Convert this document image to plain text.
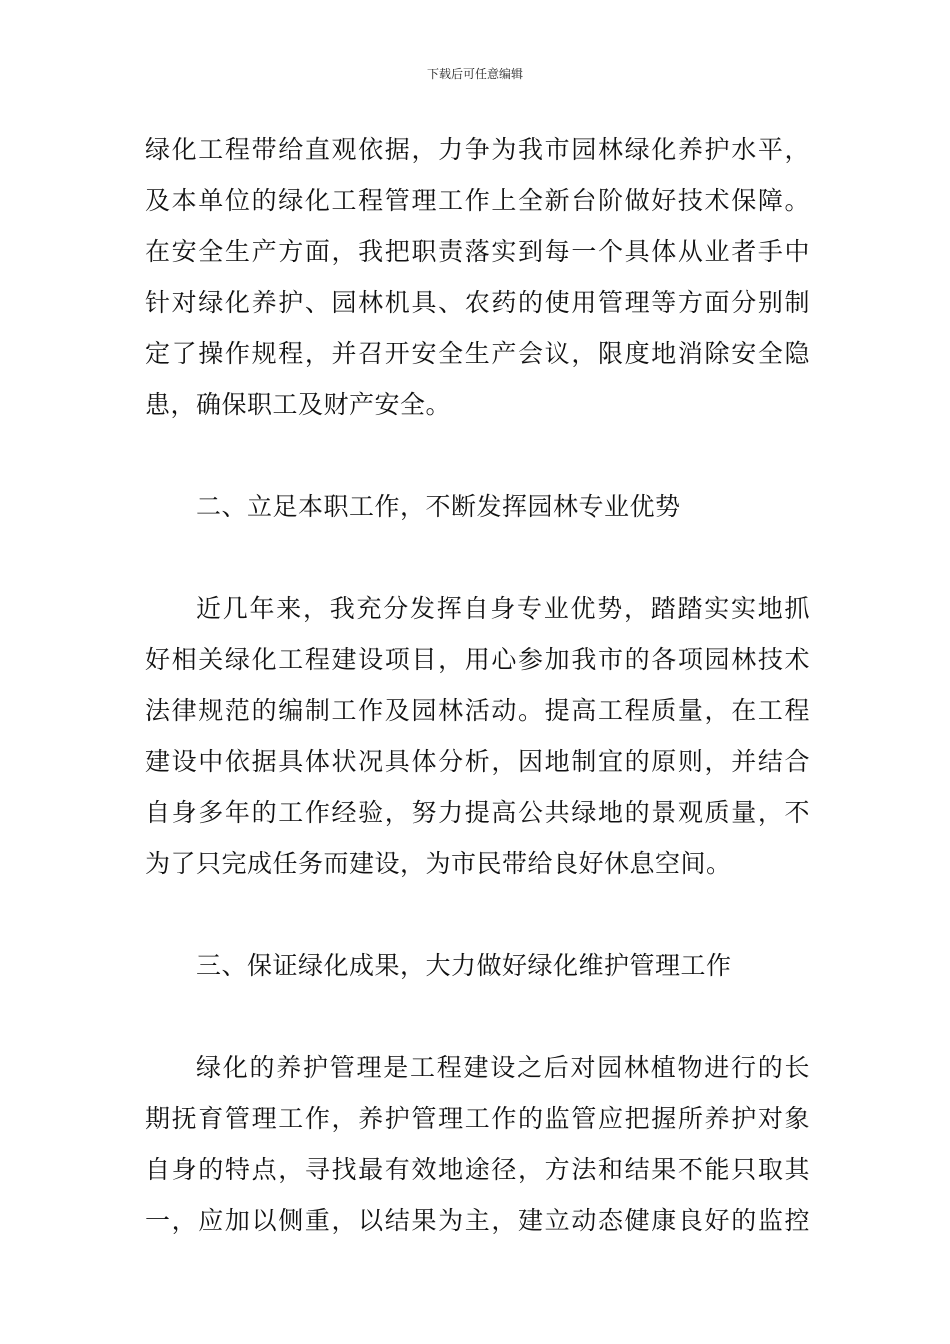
下载后可任意编辑
绿化工程带给直观依据，力争为我市园林绿化养护水平，
及本单位的绿化工程管理工作上全新台阶做好技术保障。
在安全生产方面，我把职责落实到每一个具体从业者手中
针对绿化养护、园林机具、农药的使用管理等方面分别制
定了操作规程，并召开安全生产会议，限度地消除安全隐
患，确保职工及财产安全。
二、立足本职工作，不断发挥园林专业优势
近几年来，我充分发挥自身专业优势，踏踏实实地抓
好相关绿化工程建设项目，用心参加我市的各项园林技术
法律规范的编制工作及园林活动。提高工程质量，在工程
建设中依据具体状况具体分析，因地制宜的原则，并结合
自身多年的工作经验，努力提高公共绿地的景观质量，不
为了只完成任务而建设，为市民带给良好休息空间。
三、保证绿化成果，大力做好绿化维护管理工作
绿化的养护管理是工程建设之后对园林植物进行的长
期抚育管理工作，养护管理工作的监管应把握所养护对象
自身的特点，寻找最有效地途径，方法和结果不能只取其
一，应加以侧重，以结果为主，建立动态健康良好的监控
